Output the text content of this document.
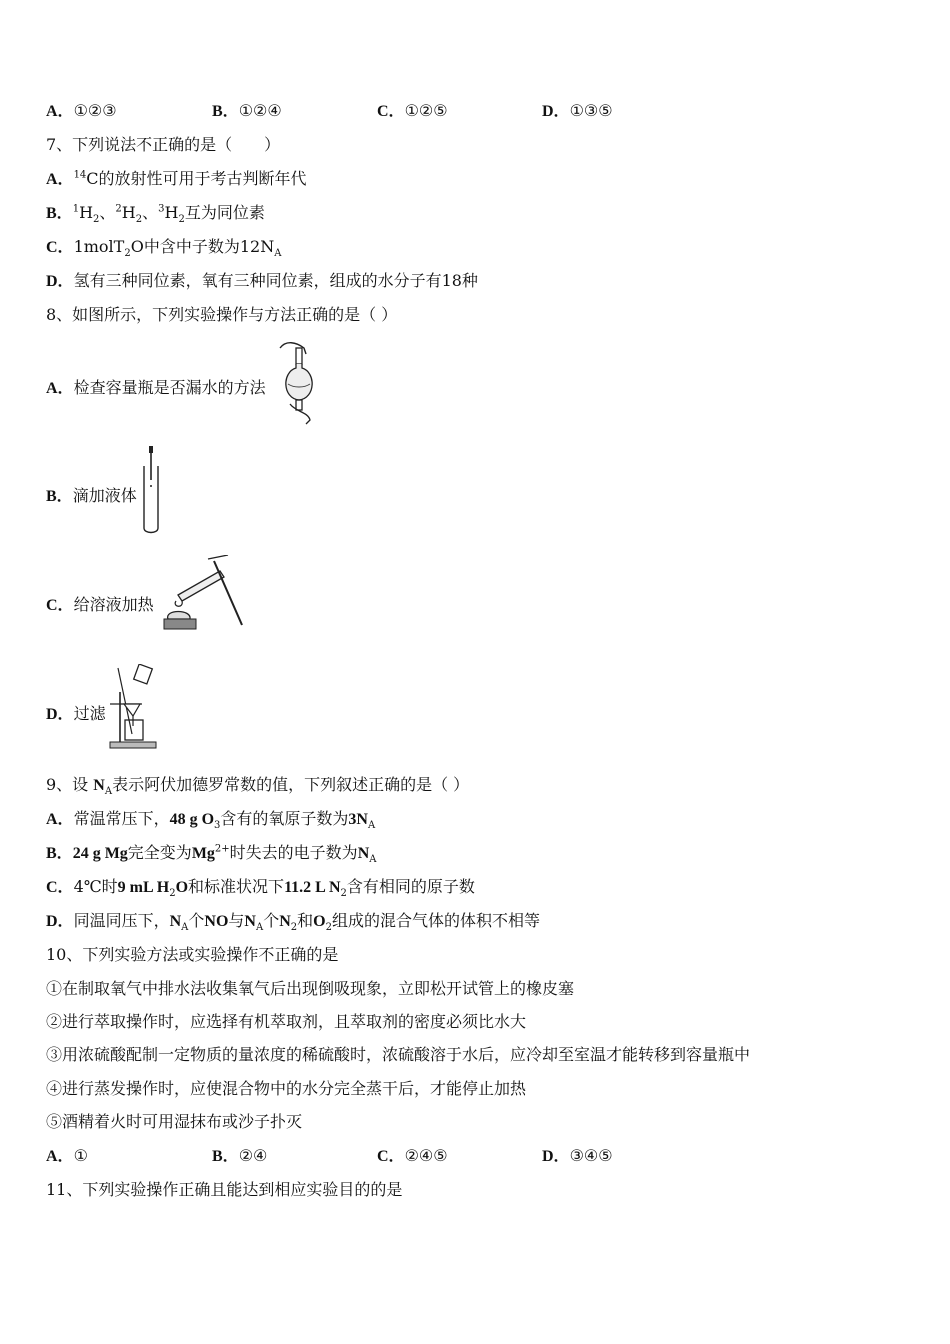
A．①②③	B．①②④	C．①②⑤	D．①③⑤
7、下列说法不正确的是（　　）
A．$^{14}$C的放射性可用于考古判断年代
B．$^1H_2$、$^2H_2$、$^3H_2$互为同位素
C．1molT$_2$O中含中子数为$12N_A$
D．氢有三种同位素，氧有三种同位素，组成的水分子有18种
8、如图所示，下列实验操作与方法正确的是（ ）
A．检查容量瓶是否漏水的方法
B．滴加液体
C．给溶液加热
D．过滤
9、设 $N_A$表示阿伏加德罗常数的值，下列叙述正确的是（ ）
A．常温常压下，48 g $O_3$含有的氧原子数为$3N_A$
B．24 g Mg完全变为$Mg^{2+}$时失去的电子数为$N_A$
C．4℃时9 mL $H_2O$和标准状况下11.2 L $N_2$含有相同的原子数
D．同温同压下，$N_A$个NO与$N_A$个$N_2$和$O_2$组成的混合气体的体积不相等
10、下列实验方法或实验操作不正确的是
①在制取氧气中排水法收集氧气后出现倒吸现象，立即松开试管上的橡皮塞
②进行萃取操作时，应选择有机萃取剂，且萃取剂的密度必须比水大
③用浓硫酸配制一定物质的量浓度的稀硫酸时，浓硫酸溶于水后，应冷却至室温才能转移到容量瓶中
④进行蒸发操作时，应使混合物中的水分完全蒸干后，才能停止加热
⑤酒精着火时可用湿抹布或沙子扑灭
A．①	B．②④	C．②④⑤	D．③④⑤
11、下列实验操作正确且能达到相应实验目的的是
